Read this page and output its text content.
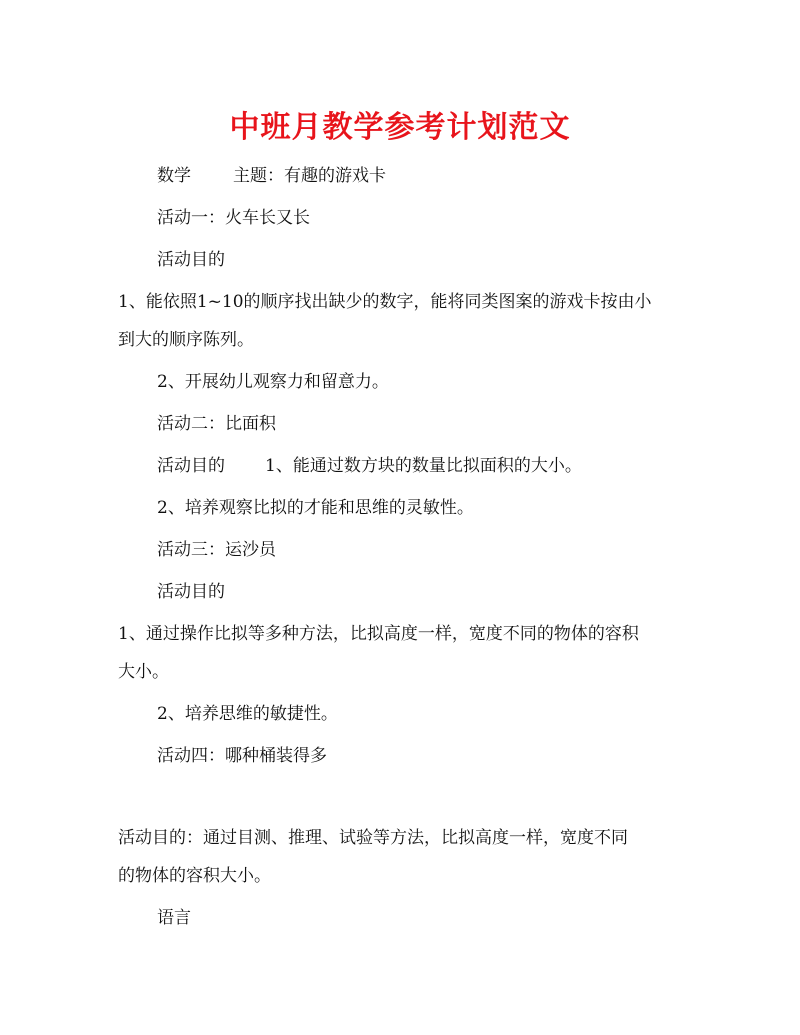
中班月教学参考计划范文
数学 主题：有趣的游戏卡
活动一：火车长又长
活动目的
1、能依照1~10的顺序找出缺少的数字，能将同类图案的游戏卡按由小
到大的顺序陈列。
2、开展幼儿观察力和留意力。
活动二：比面积
活动目的 1、能通过数方块的数量比拟面积的大小。
2、培养观察比拟的才能和思维的灵敏性。
活动三：运沙员
活动目的
1、通过操作比拟等多种方法，比拟高度一样，宽度不同的物体的容积
大小。
2、培养思维的敏捷性。
活动四：哪种桶装得多
活动目的：通过目测、推理、试验等方法，比拟高度一样，宽度不同
的物体的容积大小。
语言
